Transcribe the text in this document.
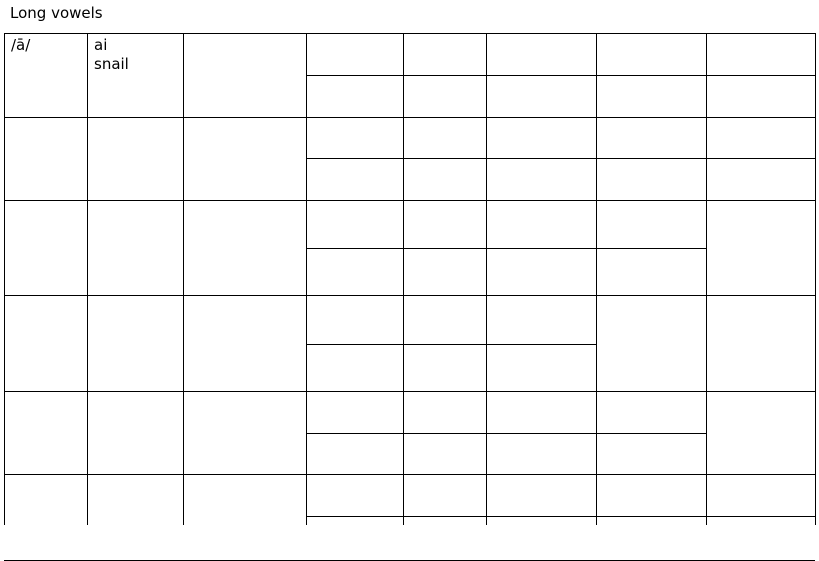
Long vowels
/ā/	ai
snail
